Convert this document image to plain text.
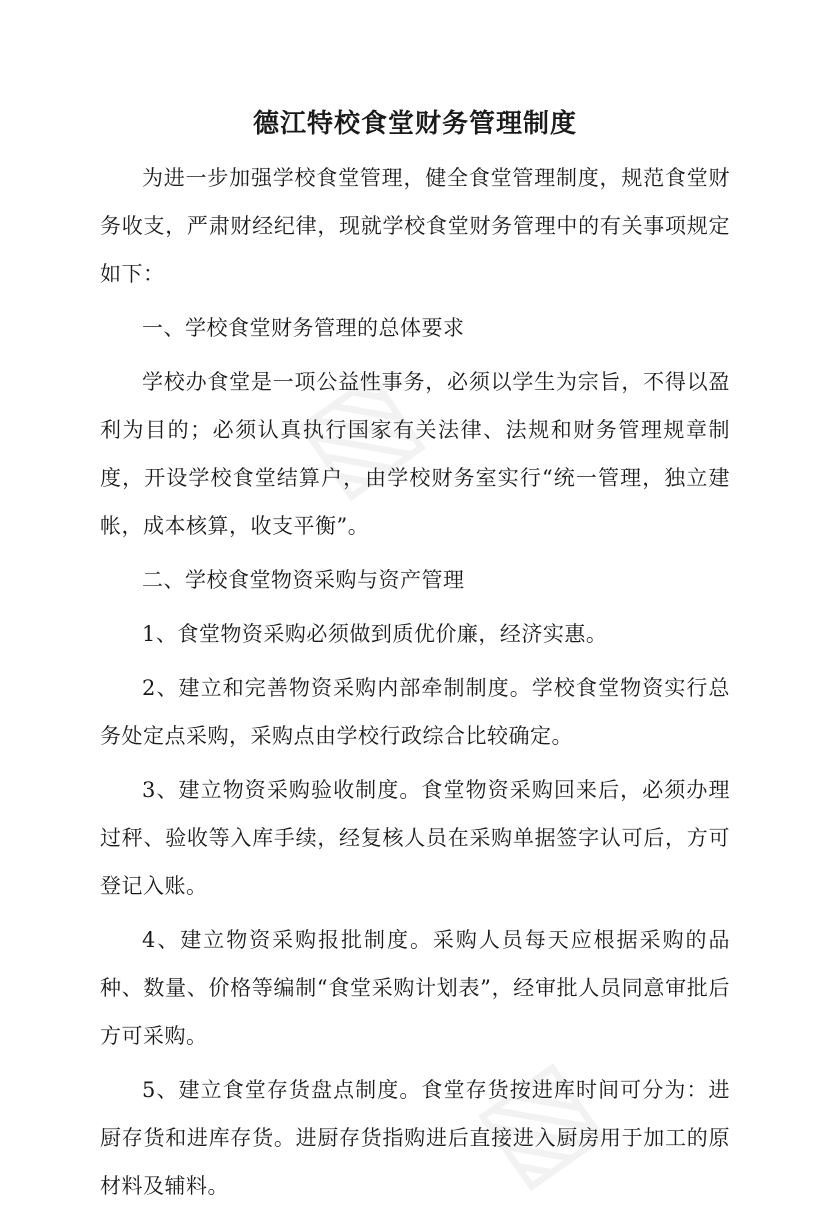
▧
▧
德江特校食堂财务管理制度

为进一步加强学校食堂管理，健全食堂管理制度，规范食堂财务收支，严肃财经纪律，现就学校食堂财务管理中的有关事项规定如下：

一、学校食堂财务管理的总体要求

学校办食堂是一项公益性事务，必须以学生为宗旨，不得以盈利为目的；必须认真执行国家有关法律、法规和财务管理规章制度，开设学校食堂结算户，由学校财务室实行“统一管理，独立建帐，成本核算，收支平衡”。

二、学校食堂物资采购与资产管理

1、食堂物资采购必须做到质优价廉，经济实惠。

2、建立和完善物资采购内部牵制制度。学校食堂物资实行总务处定点采购，采购点由学校行政综合比较确定。

3、建立物资采购验收制度。食堂物资采购回来后，必须办理过秤、验收等入库手续，经复核人员在采购单据签字认可后，方可登记入账。

4、建立物资采购报批制度。采购人员每天应根据采购的品种、数量、价格等编制“食堂采购计划表”，经审批人员同意审批后方可采购。

5、建立食堂存货盘点制度。食堂存货按进库时间可分为：进厨存货和进库存货。进厨存货指购进后直接进入厨房用于加工的原材料及辅料。
